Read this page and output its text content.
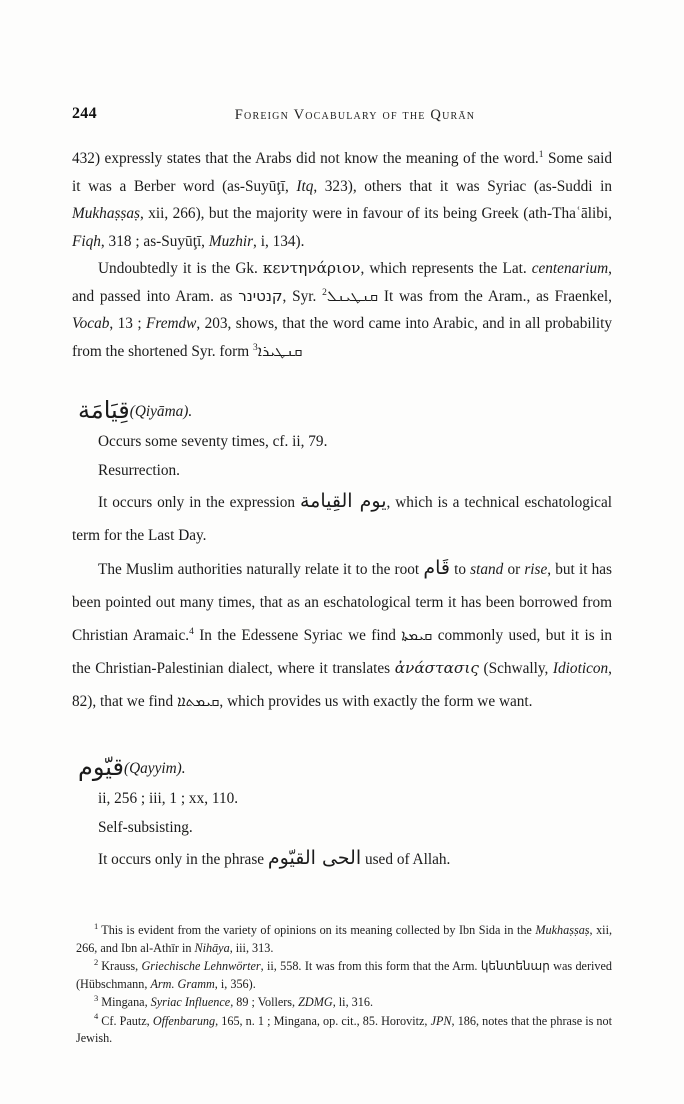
244	Foreign Vocabulary of the Qurān

432) expressly states that the Arabs did not know the meaning of the word.$^1$ Some said it was a Berber word (as-Suyūţī, Itq, 323), others that it was Syriac (as-Suddi in Mukhaṣṣaṣ, xii, 266), but the majority were in favour of its being Greek (ath-Thaʿālibi, Fiqh, 318 ; as-Suyūţī, Muzhir, i, 134).

Undoubtedly it is the Gk. κεντηνάριον, which represents the Lat. centenarium, and passed into Aram. as קנטינר, Syr. ܩܢܛܝܢܠ$^2$	It was from the Aram., as Fraenkel, Vocab, 13 ; Fremdw, 203, shows, that the word came into Arabic, and in all probability from the shortened Syr. form ܩܢܛܝܪܐ$^3$

قِيَامَة(Qiyāma).

Occurs some seventy times, cf. ii, 79.

Resurrection.

It occurs only in the expression يوم القِيامة, which is a technical eschatological term for the Last Day.

The Muslim authorities naturally relate it to the root قَام to stand or rise, but it has been pointed out many times, that as an eschatological term it has been borrowed from Christian Aramaic.$^4$ In the Edessene Syriac we find ܩܝܡܬܐ commonly used, but it is in the Christian-Palestinian dialect, where it translates ἀνάστασις (Schwally, Idioticon, 82), that we find ܩܝܡܬܐܐ, which provides us with exactly the form we want.

قيّوم(Qayyim).

ii, 256 ; iii, 1 ; xx, 110.

Self-subsisting.

It occurs only in the phrase الحى القيّوم used of Allah.

$^1$ This is evident from the variety of opinions on its meaning collected by Ibn Sida in the Mukhaṣṣaṣ, xii, 266, and Ibn al-Athīr in Nihāya, iii, 313.

$^2$ Krauss, Griechische Lehnwörter, ii, 558. It was from this form that the Arm. կենտենար was derived (Hübschmann, Arm. Gramm, i, 356).

$^3$ Mingana, Syriac Influence, 89 ; Vollers, ZDMG, li, 316.

$^4$ Cf. Pautz, Offenbarung, 165, n. 1 ; Mingana, op. cit., 85. Horovitz, JPN, 186, notes that the phrase is not Jewish.
